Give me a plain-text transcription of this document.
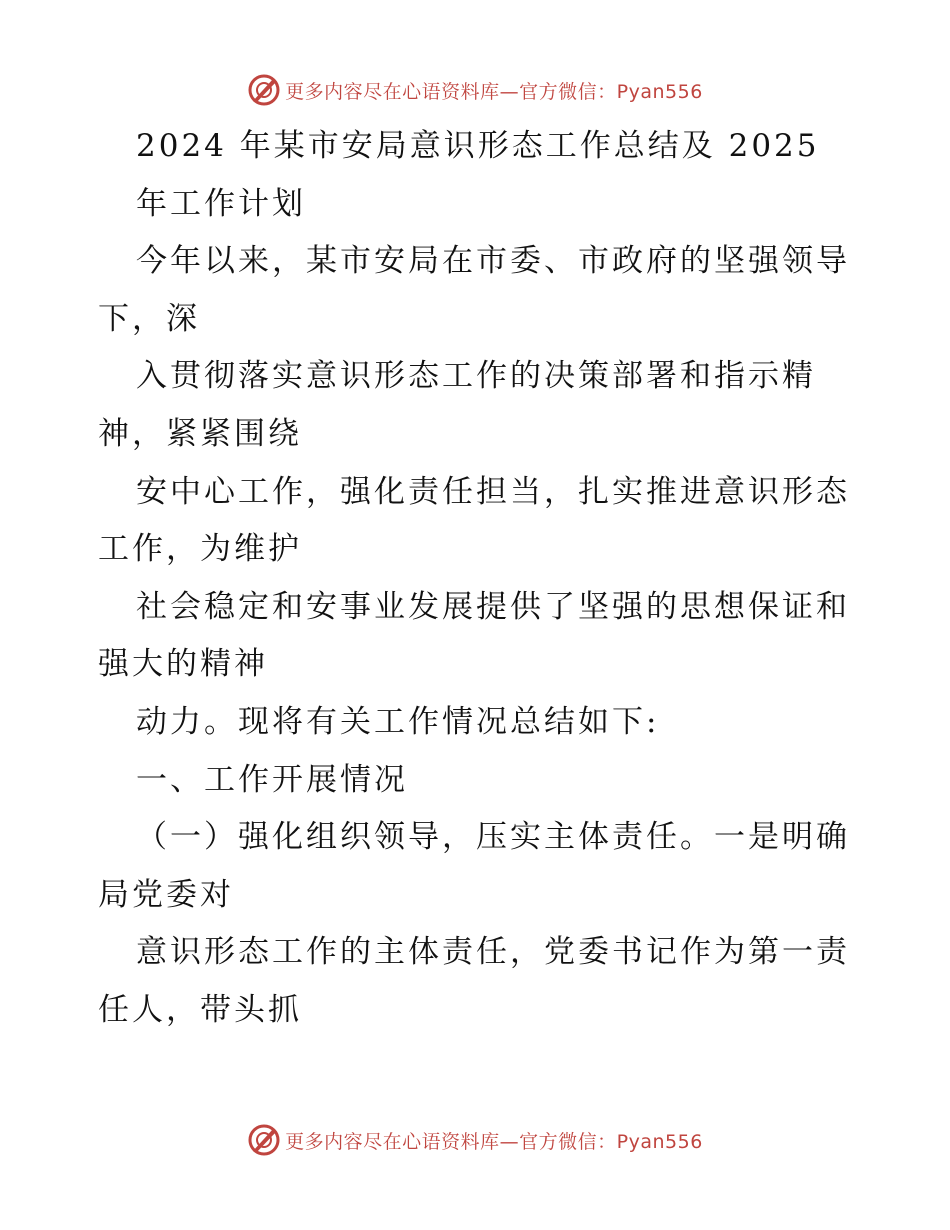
更多内容尽在心语资料库—官方微信：Pyan556
2024 年某市安局意识形态工作总结及 2025
年工作计划
今年以来，某市安局在市委、市政府的坚强领导
下，深
入贯彻落实意识形态工作的决策部署和指示精
神，紧紧围绕
安中心工作，强化责任担当，扎实推进意识形态
工作，为维护
社会稳定和安事业发展提供了坚强的思想保证和
强大的精神
动力。现将有关工作情况总结如下:
一、工作开展情况
（一）强化组织领导，压实主体责任。一是明确
局党委对
意识形态工作的主体责任，党委书记作为第一责
任人，带头抓
更多内容尽在心语资料库—官方微信：Pyan556
